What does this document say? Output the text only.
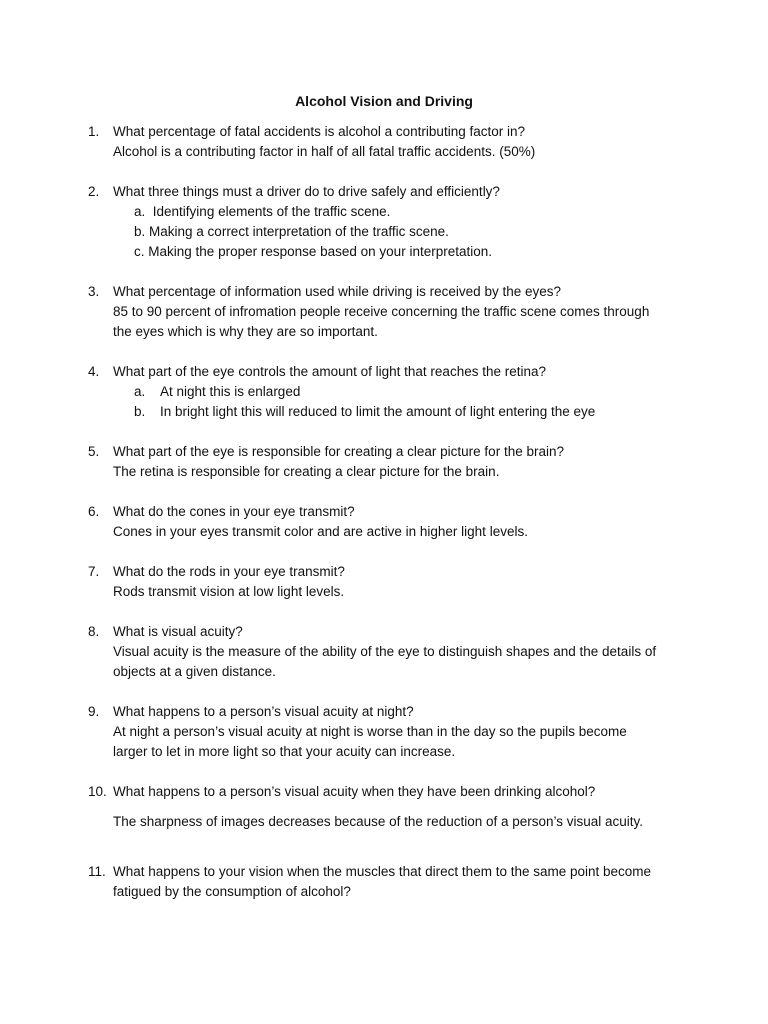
Alcohol Vision and Driving
1. What percentage of fatal accidents is alcohol a contributing factor in?
Alcohol is a contributing factor in half of all fatal traffic accidents. (50%)
2. What three things must a driver do to drive safely and efficiently?
a. Identifying elements of the traffic scene.
b. Making a correct interpretation of the traffic scene.
c. Making the proper response based on your interpretation.
3. What percentage of information used while driving is received by the eyes?
85 to 90 percent of infromation people receive concerning the traffic scene comes through
the eyes which is why they are so important.
4. What part of the eye controls the amount of light that reaches the retina?
a. At night this is enlarged
b. In bright light this will reduced to limit the amount of light entering the eye
5. What part of the eye is responsible for creating a clear picture for the brain?
The retina is responsible for creating a clear picture for the brain.
6. What do the cones in your eye transmit?
Cones in your eyes transmit color and are active in higher light levels.
7. What do the rods in your eye transmit?
Rods transmit vision at low light levels.
8. What is visual acuity?
Visual acuity is the measure of the ability of the eye to distinguish shapes and the details of
objects at a given distance.
9. What happens to a person’s visual acuity at night?
At night a person’s visual acuity at night is worse than in the day so the pupils become
larger to let in more light so that your acuity can increase.
10. What happens to a person’s visual acuity when they have been drinking alcohol?
The sharpness of images decreases because of the reduction of a person’s visual acuity.
11. What happens to your vision when the muscles that direct them to the same point become
fatigued by the consumption of alcohol?
